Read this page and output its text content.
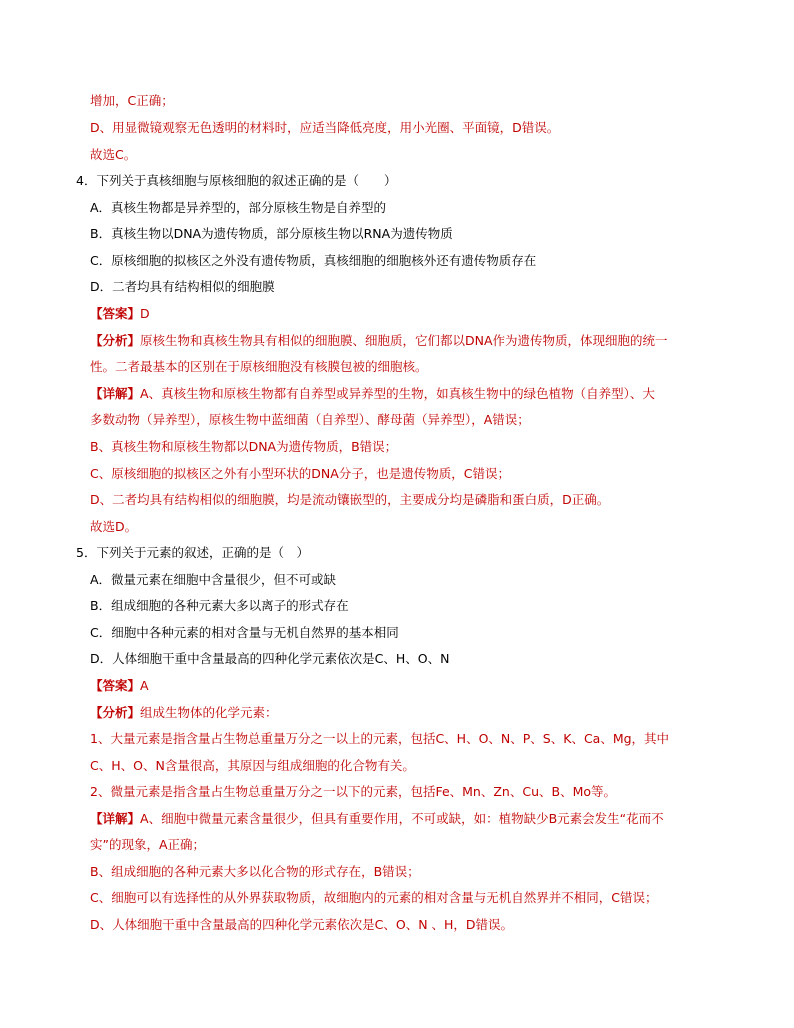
增加，C正确；
D、用显微镜观察无色透明的材料时，应适当降低亮度，用小光圈、平面镜，D错误。
故选C。
4．下列关于真核细胞与原核细胞的叙述正确的是（　　）
A．真核生物都是异养型的，部分原核生物是自养型的
B．真核生物以DNA为遗传物质，部分原核生物以RNA为遗传物质
C．原核细胞的拟核区之外没有遗传物质，真核细胞的细胞核外还有遗传物质存在
D．二者均具有结构相似的细胞膜
【答案】D
【分析】原核生物和真核生物具有相似的细胞膜、细胞质，它们都以DNA作为遗传物质，体现细胞的统一
性。二者最基本的区别在于原核细胞没有核膜包被的细胞核。
【详解】A、真核生物和原核生物都有自养型或异养型的生物，如真核生物中的绿色植物（自养型）、大
多数动物（异养型），原核生物中蓝细菌（自养型）、酵母菌（异养型），A错误；
B、真核生物和原核生物都以DNA为遗传物质，B错误；
C、原核细胞的拟核区之外有小型环状的DNA分子，也是遗传物质，C错误；
D、二者均具有结构相似的细胞膜，均是流动镶嵌型的，主要成分均是磷脂和蛋白质，D正确。
故选D。
5．下列关于元素的叙述，正确的是（　）
A．微量元素在细胞中含量很少，但不可或缺
B．组成细胞的各种元素大多以离子的形式存在
C．细胞中各种元素的相对含量与无机自然界的基本相同
D．人体细胞干重中含量最高的四种化学元素依次是C、H、O、N
【答案】A
【分析】组成生物体的化学元素：
1、大量元素是指含量占生物总重量万分之一以上的元素，包括C、H、O、N、P、S、K、Ca、Mg，其中
C、H、O、N含量很高，其原因与组成细胞的化合物有关。
2、微量元素是指含量占生物总重量万分之一以下的元素，包括Fe、Mn、Zn、Cu、B、Mo等。
【详解】A、细胞中微量元素含量很少，但具有重要作用，不可或缺，如：植物缺少B元素会发生“花而不
实”的现象，A正确；
B、组成细胞的各种元素大多以化合物的形式存在，B错误；
C、细胞可以有选择性的从外界获取物质，故细胞内的元素的相对含量与无机自然界并不相同，C错误；
D、人体细胞干重中含量最高的四种化学元素依次是C、O、N 、H，D错误。
